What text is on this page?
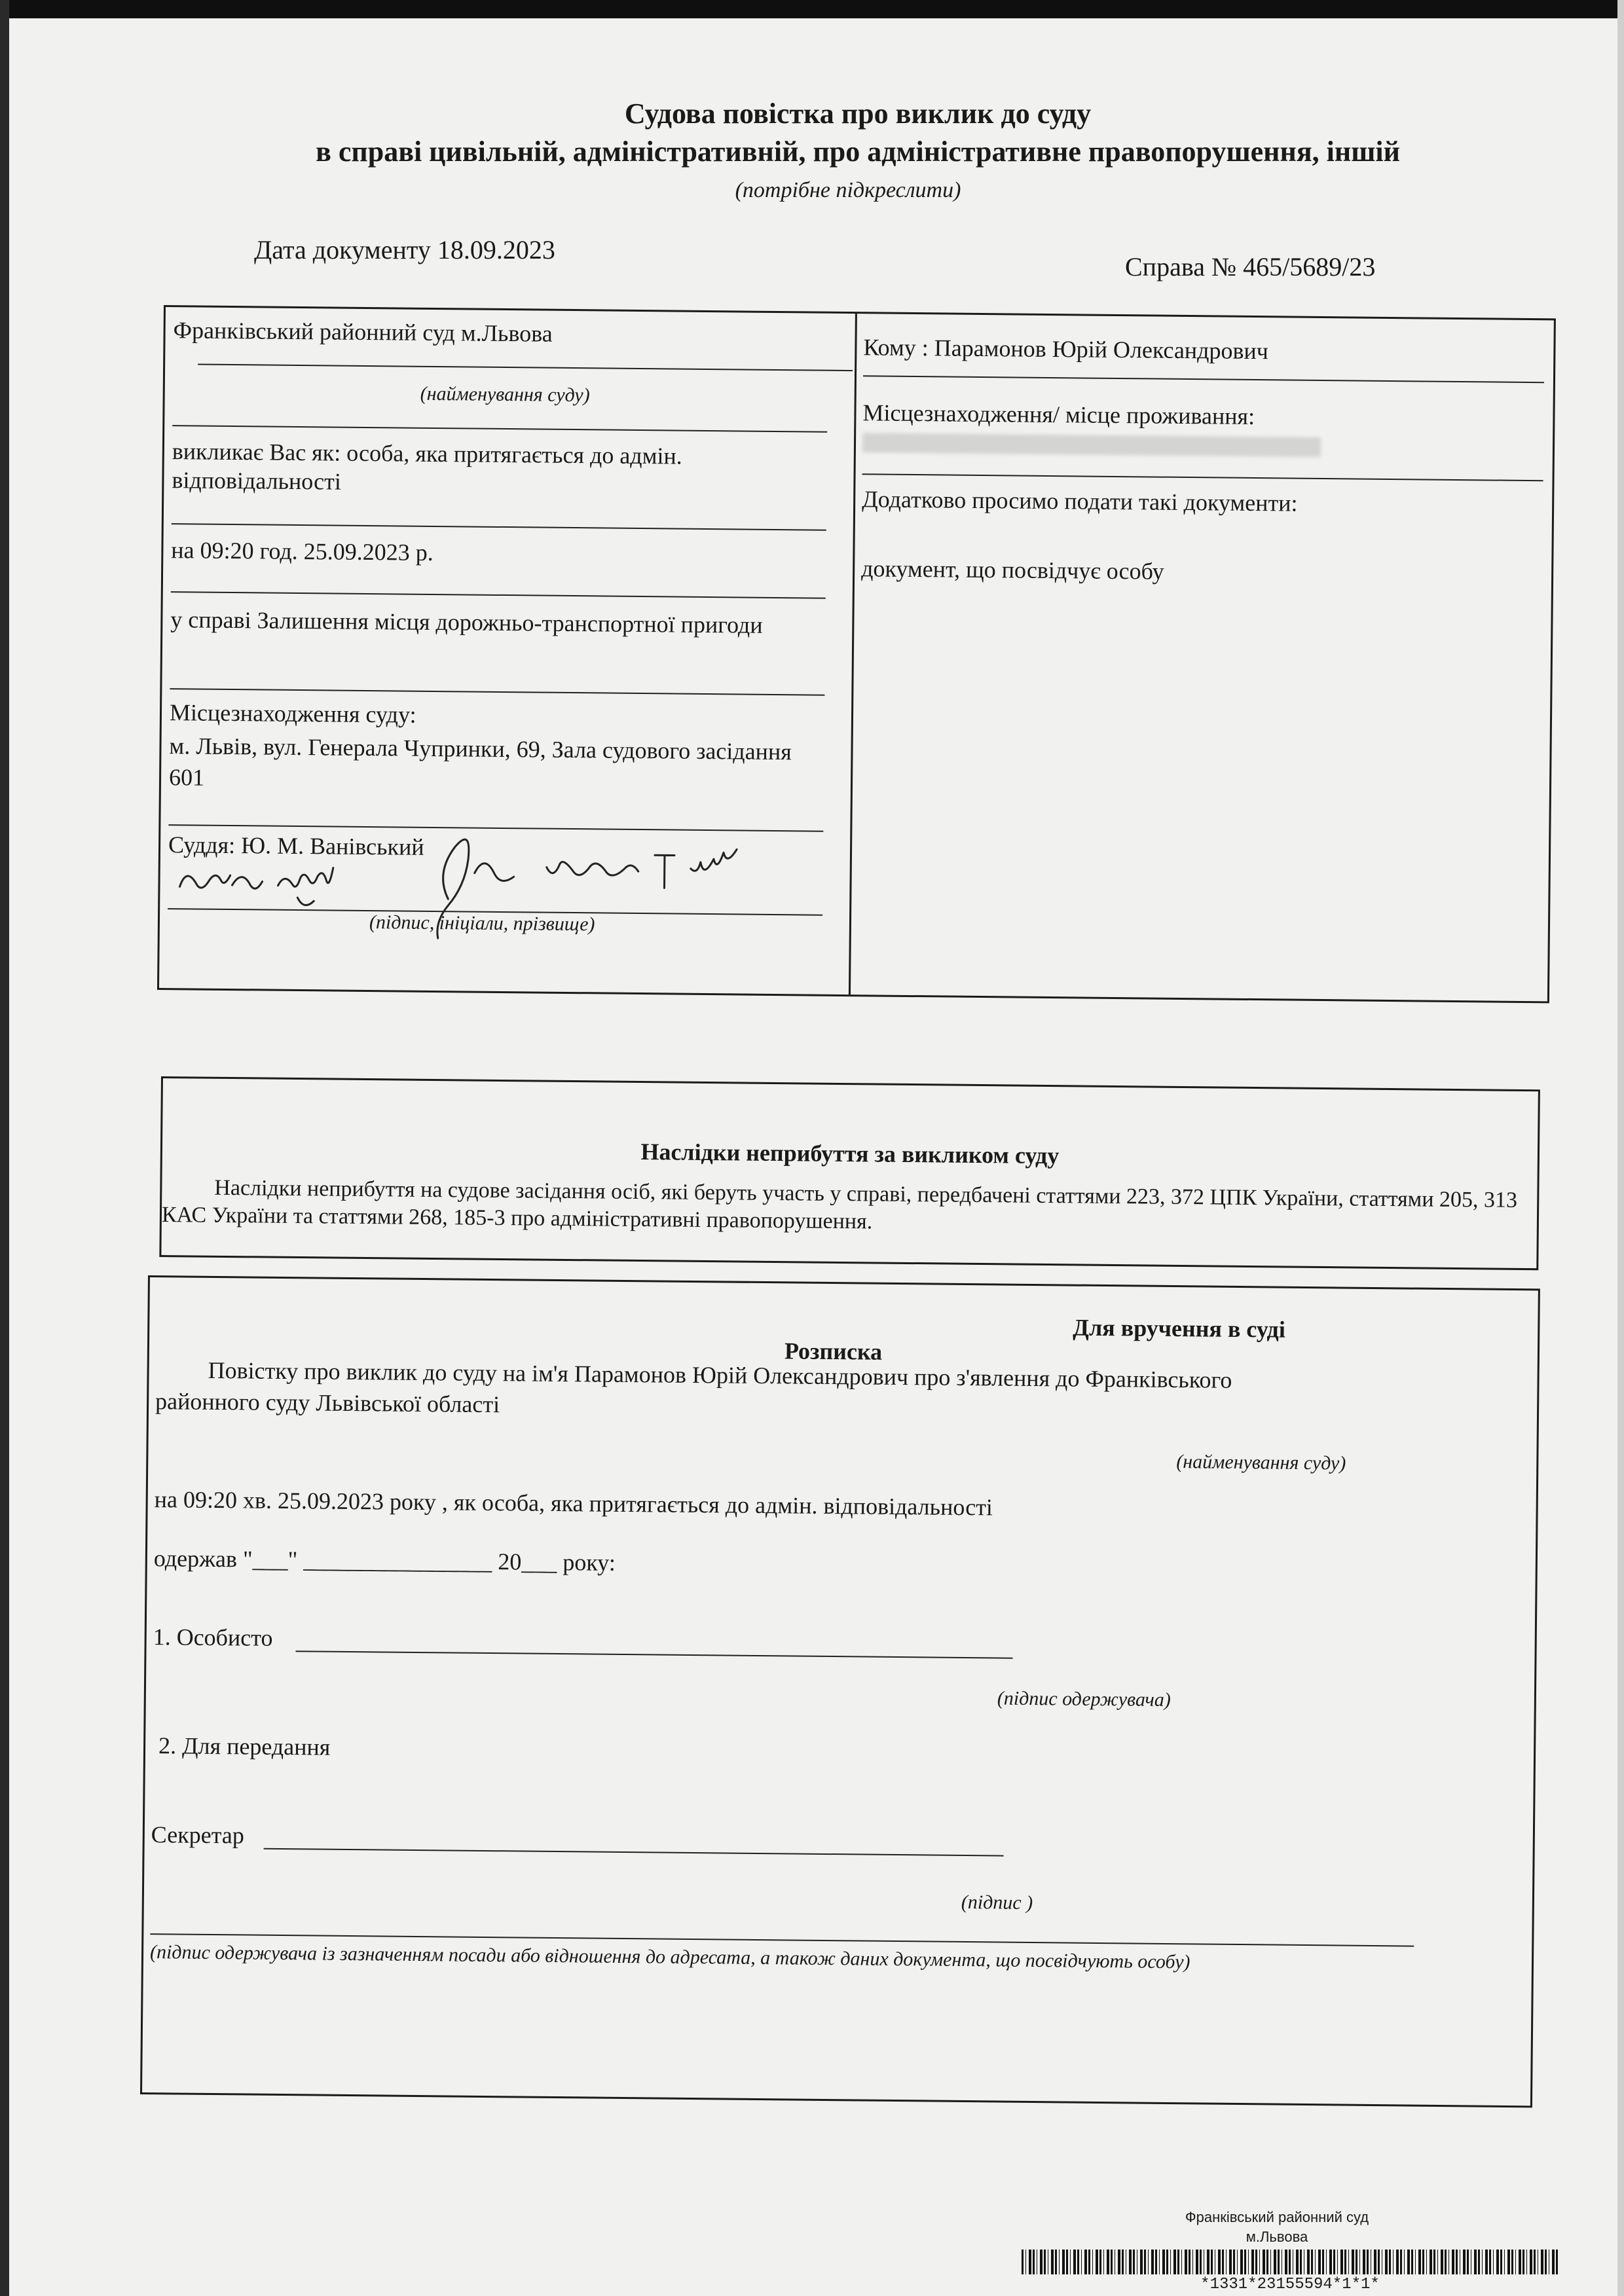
Судова повістка про виклик до суду
в справі цивільній, адміністративній, про адміністративне правопорушення, іншій
(потрібне підкреслити)
Дата документу 18.09.2023
Справа № 465/5689/23
Франківський районний суд м.Львова
(найменування суду)
викликає Вас як: особа, яка притягається до адмін. відповідальності
на 09:20 год. 25.09.2023 р.
у справі Залишення місця дорожньо-транспортної пригоди
Місцезнаходження суду:
м. Львів, вул. Генерала Чупринки, 69, Зала судового засідання 601
Суддя: Ю. М. Ванівський
(підпис, ініціали, прізвище)
Кому : Парамонов Юрій Олександрович
Місцезнаходження/ місце проживання:
Додатково просимо подати такі документи:
документ, що посвідчує особу
Наслідки неприбуття за викликом суду
Наслідки неприбуття на судове засідання осіб, які беруть участь у справі, передбачені статтями 223, 372 ЦПК України, статтями 205, 313 КАС України та статтями 268, 185-3 про адміністративні правопорушення.
Для вручення в суді
Розписка
Повістку про виклик до суду на ім'я Парамонов Юрій Олександрович про з'явлення до Франківського
районного суду Львівської області
(найменування суду)
на 09:20 хв. 25.09.2023 року , як особа, яка притягається до адмін. відповідальності
одержав "___" ________________ 20___ року:
1. Особисто
(підпис одержувача)
2. Для передання
Секретар
(підпис )
(підпис одержувача із зазначенням посади або відношення до адресата, а також даних документа, що посвідчують особу)
Франківський районний суд
м.Львова
*1331*23155594*1*1*
